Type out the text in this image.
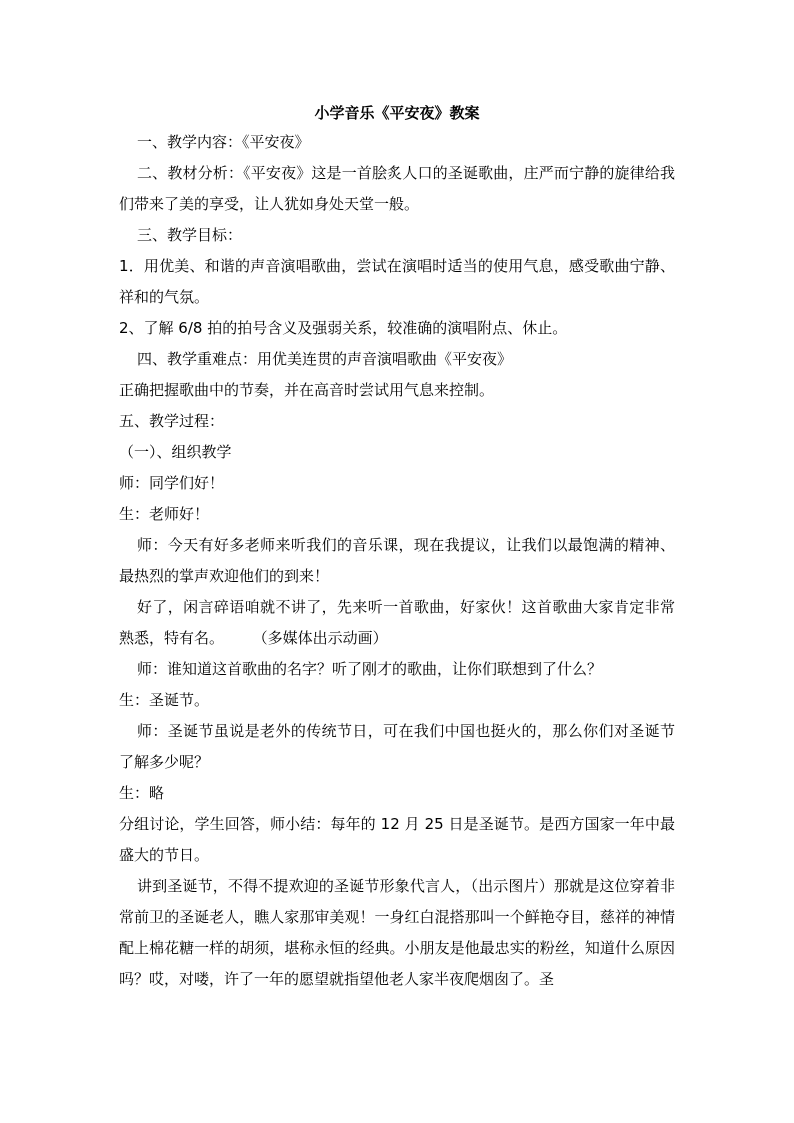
小学音乐《平安夜》教案

一、教学内容：《平安夜》

二、教材分析：《平安夜》这是一首脍炙人口的圣诞歌曲，庄严而宁静的旋律给我们带来了美的享受，让人犹如身处天堂一般。

三、教学目标：

1．用优美、和谐的声音演唱歌曲，尝试在演唱时适当的使用气息，感受歌曲宁静、祥和的气氛。

2、了解 6/8 拍的拍号含义及强弱关系，较准确的演唱附点、休止。

四、教学重难点：用优美连贯的声音演唱歌曲《平安夜》

正确把握歌曲中的节奏，并在高音时尝试用气息来控制。

五、教学过程：

（一）、组织教学

师：同学们好！

生：老师好！

师：今天有好多老师来听我们的音乐课，现在我提议，让我们以最饱满的精神、最热烈的掌声欢迎他们的到来！

好了，闲言碎语咱就不讲了，先来听一首歌曲，好家伙！这首歌曲大家肯定非常熟悉，特有名。      （多媒体出示动画）

师：谁知道这首歌曲的名字？听了刚才的歌曲，让你们联想到了什么？

生：圣诞节。

师：圣诞节虽说是老外的传统节日，可在我们中国也挺火的，那么你们对圣诞节了解多少呢？

生：略

分组讨论，学生回答，师小结：每年的 12 月 25 日是圣诞节。是西方国家一年中最盛大的节日。

讲到圣诞节，不得不提欢迎的圣诞节形象代言人，（出示图片）那就是这位穿着非常前卫的圣诞老人，瞧人家那审美观！一身红白混搭那叫一个鲜艳夺目，慈祥的神情配上棉花糖一样的胡须，堪称永恒的经典。小朋友是他最忠实的粉丝，知道什么原因吗？哎，对喽，许了一年的愿望就指望他老人家半夜爬烟囱了。圣
